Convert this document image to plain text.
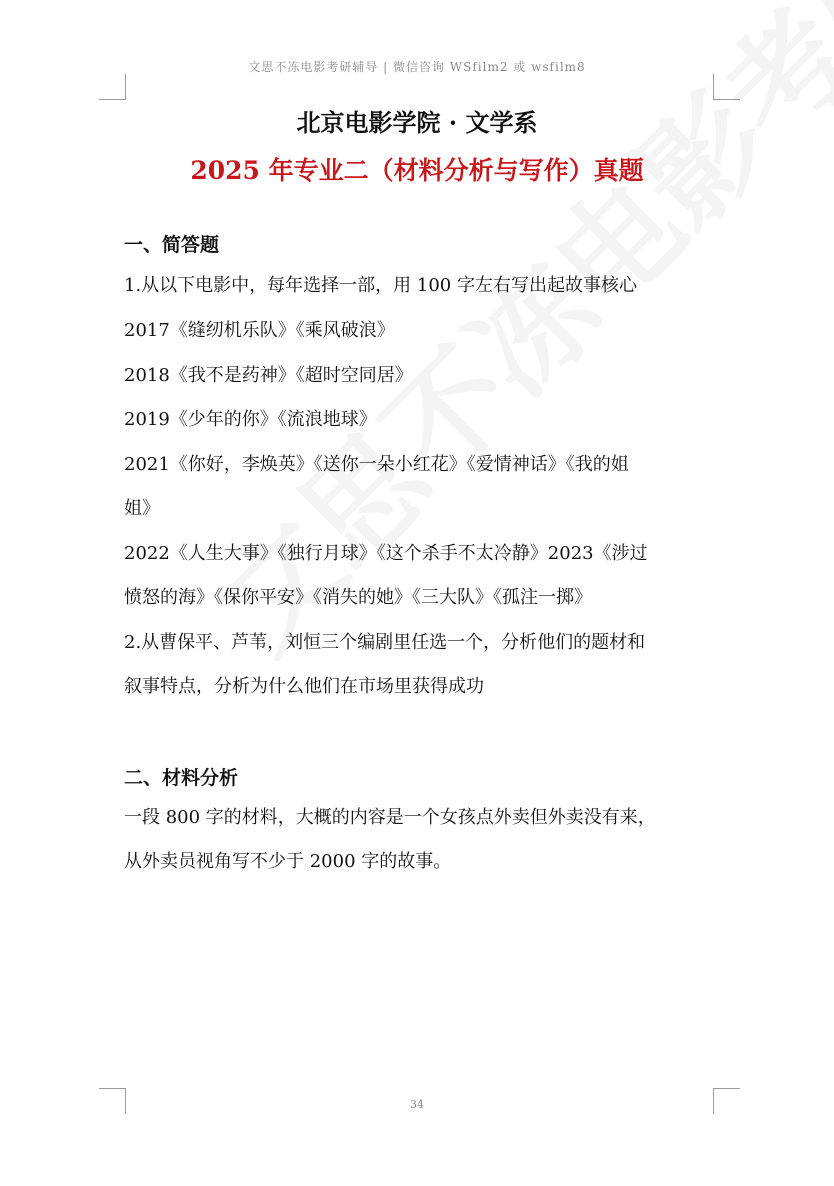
文思不冻电影考研辅导 | 微信咨询 WSfilm2 或 wsfilm8
北京电影学院 · 文学系
2025 年专业二（材料分析与写作）真题
一、简答题
1.从以下电影中，每年选择一部，用 100 字左右写出起故事核心
2017《缝纫机乐队》《乘风破浪》
2018《我不是药神》《超时空同居》
2019《少年的你》《流浪地球》
2021《你好，李焕英》《送你一朵小红花》《爱情神话》《我的姐
姐》
2022《人生大事》《独行月球》《这个杀手不太冷静》2023《涉过
愤怒的海》《保你平安》《消失的她》《三大队》《孤注一掷》
2.从曹保平、芦苇，刘恒三个编剧里任选一个，分析他们的题材和
叙事特点，分析为什么他们在市场里获得成功
二、材料分析
一段 800 字的材料，大概的内容是一个女孩点外卖但外卖没有来，
从外卖员视角写不少于 2000 字的故事。
34
